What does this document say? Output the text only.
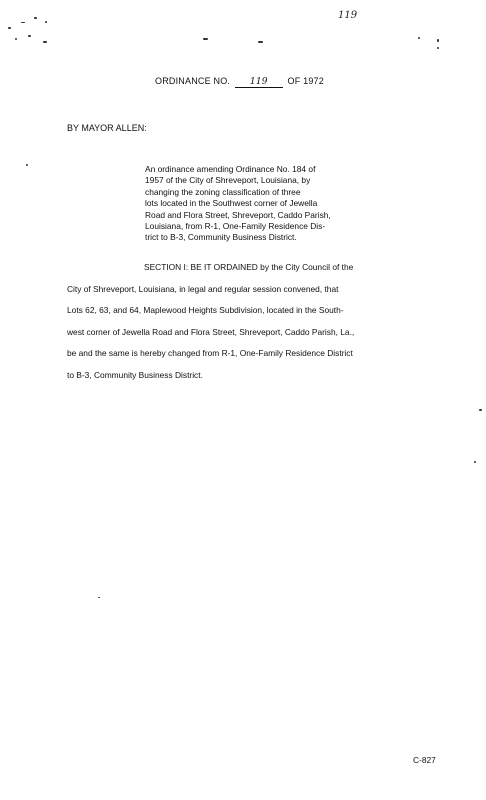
119
ORDINANCE NO. 119 OF 1972
BY MAYOR ALLEN:
An ordinance amending Ordinance No. 184 of
1957 of the City of Shreveport, Louisiana, by
changing the zoning classification of three
lots located in the Southwest corner of Jewella
Road and Flora Street, Shreveport, Caddo Parish,
Louisiana, from R-1, One-Family Residence Dis-
trict to B-3, Community Business District.
SECTION I: BE IT ORDAINED by the City Council of the
City of Shreveport, Louisiana, in legal and regular session convened, that
Lots 62, 63, and 64, Maplewood Heights Subdivision, located in the South-
west corner of Jewella Road and Flora Street, Shreveport, Caddo Parish, La.,
be and the same is hereby changed from R-1, One-Family Residence District
to B-3, Community Business District.
C-827
